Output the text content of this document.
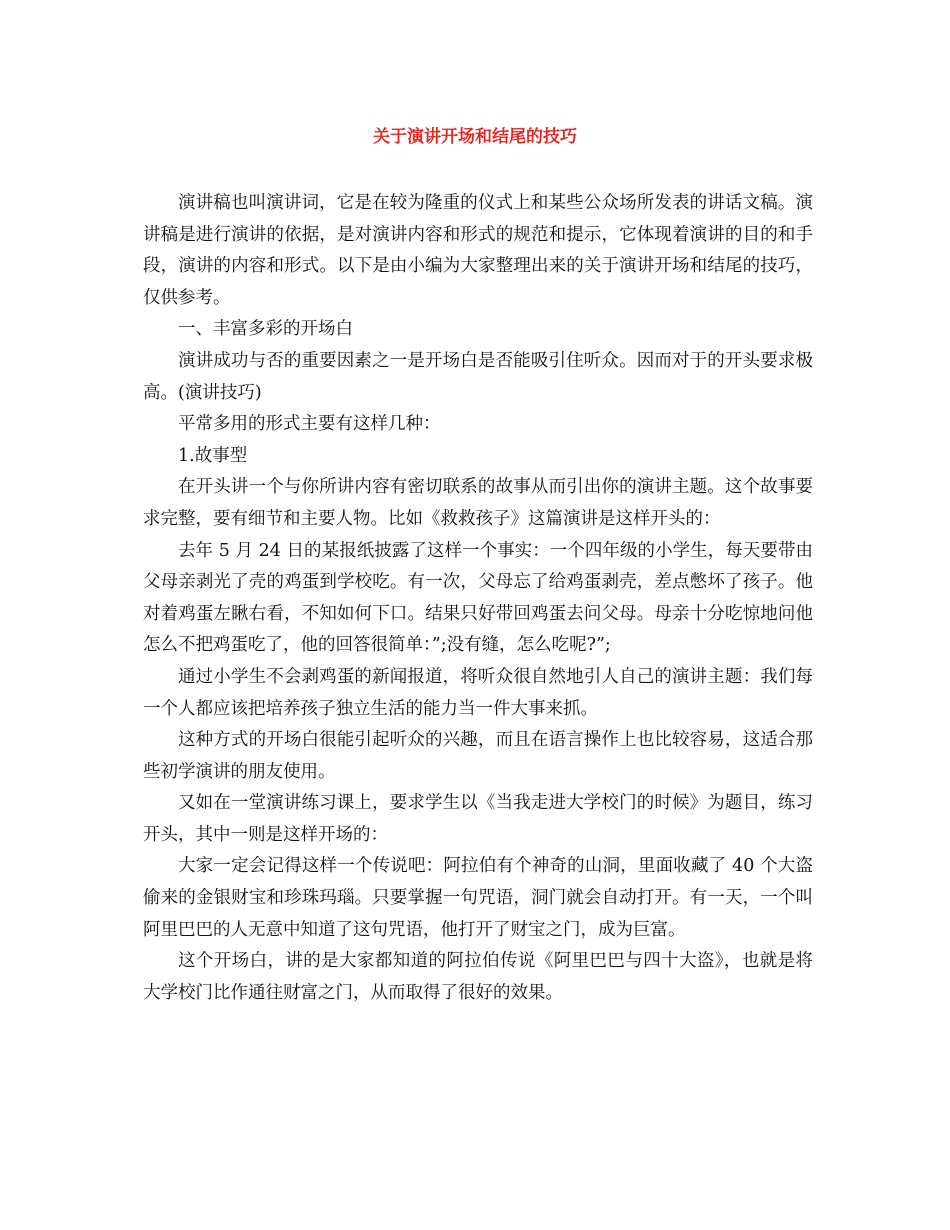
关于演讲开场和结尾的技巧

演讲稿也叫演讲词，它是在较为隆重的仪式上和某些公众场所发表的讲话文稿。演讲稿是进行演讲的依据，是对演讲内容和形式的规范和提示，它体现着演讲的目的和手段，演讲的内容和形式。以下是由小编为大家整理出来的关于演讲开场和结尾的技巧，仅供参考。

一、丰富多彩的开场白

演讲成功与否的重要因素之一是开场白是否能吸引住听众。因而对于的开头要求极高。(演讲技巧)

平常多用的形式主要有这样几种：

1.故事型

在开头讲一个与你所讲内容有密切联系的故事从而引出你的演讲主题。这个故事要求完整，要有细节和主要人物。比如《救救孩子》这篇演讲是这样开头的：

去年 5 月 24 日的某报纸披露了这样一个事实：一个四年级的小学生，每天要带由父母亲剥光了壳的鸡蛋到学校吃。有一次，父母忘了给鸡蛋剥壳，差点憋坏了孩子。他对着鸡蛋左瞅右看，不知如何下口。结果只好带回鸡蛋去问父母。母亲十分吃惊地问他怎么不把鸡蛋吃了，他的回答很简单：”;没有缝，怎么吃呢?”;

通过小学生不会剥鸡蛋的新闻报道，将听众很自然地引人自己的演讲主题：我们每一个人都应该把培养孩子独立生活的能力当一件大事来抓。

这种方式的开场白很能引起听众的兴趣，而且在语言操作上也比较容易，这适合那些初学演讲的朋友使用。

又如在一堂演讲练习课上，要求学生以《当我走进大学校门的时候》为题目，练习开头，其中一则是这样开场的：

大家一定会记得这样一个传说吧：阿拉伯有个神奇的山洞，里面收藏了 40 个大盗偷来的金银财宝和珍珠玛瑙。只要掌握一句咒语，洞门就会自动打开。有一天，一个叫阿里巴巴的人无意中知道了这句咒语，他打开了财宝之门，成为巨富。

这个开场白，讲的是大家都知道的阿拉伯传说《阿里巴巴与四十大盗》，也就是将大学校门比作通往财富之门，从而取得了很好的效果。
